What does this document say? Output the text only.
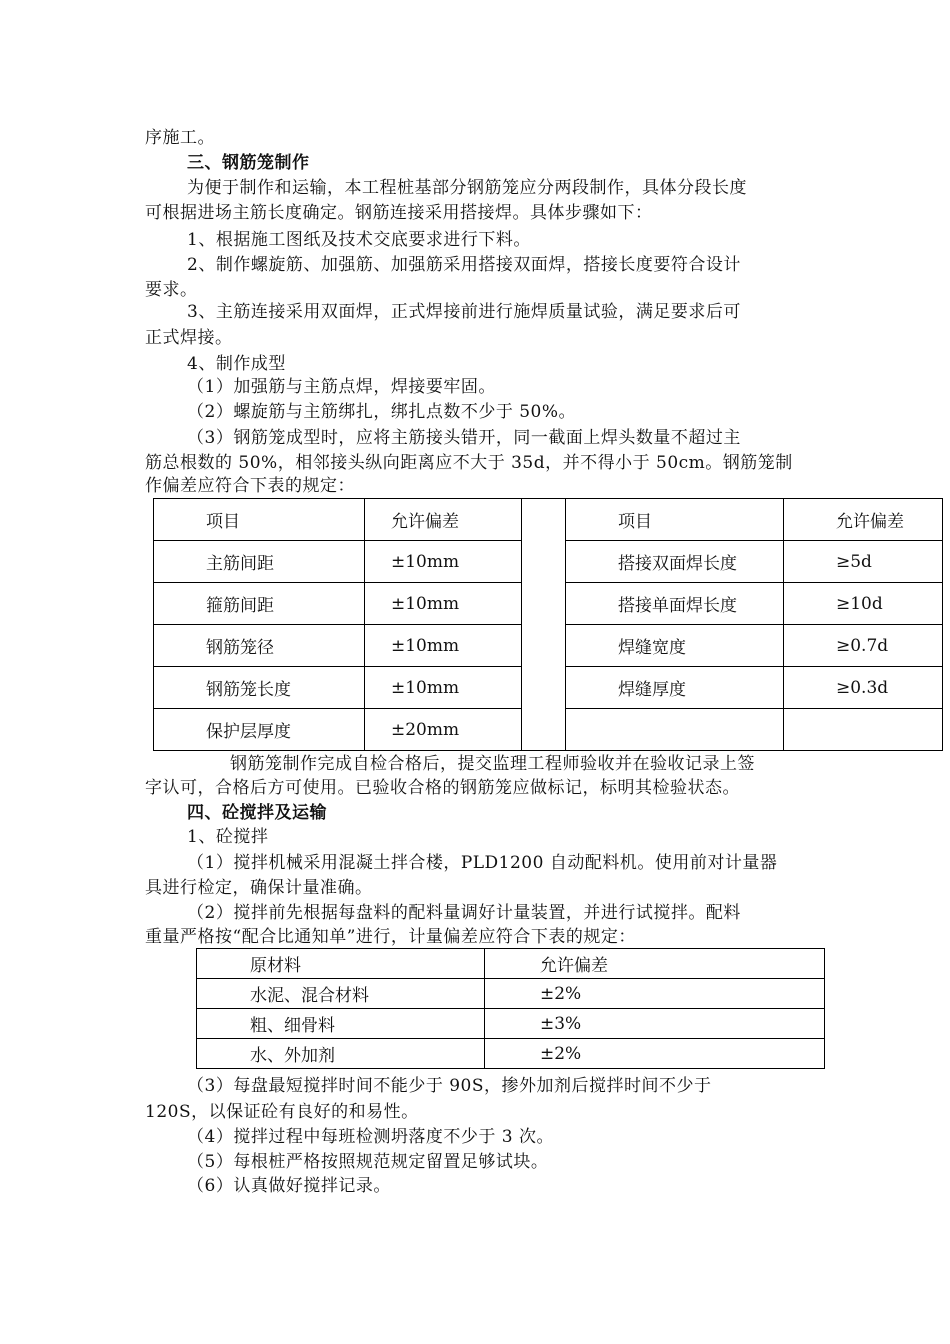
序施工。
三、钢筋笼制作
为便于制作和运输，本工程桩基部分钢筋笼应分两段制作，具体分段长度
可根据进场主筋长度确定。钢筋连接采用搭接焊。具体步骤如下：
1、根据施工图纸及技术交底要求进行下料。
2、制作螺旋筋、加强筋、加强筋采用搭接双面焊，搭接长度要符合设计
要求。
3、主筋连接采用双面焊，正式焊接前进行施焊质量试验，满足要求后可
正式焊接。
4、制作成型
（1）加强筋与主筋点焊，焊接要牢固。
（2）螺旋筋与主筋绑扎，绑扎点数不少于 50%。
（3）钢筋笼成型时，应将主筋接头错开，同一截面上焊头数量不超过主
筋总根数的 50%，相邻接头纵向距离应不大于 35d，并不得小于 50cm。钢筋笼制
作偏差应符合下表的规定：
项目	允许偏差		项目	允许偏差
主筋间距	±10mm		搭接双面焊长度	≥5d
箍筋间距	±10mm		搭接单面焊长度	≥10d
钢筋笼径	±10mm		焊缝宽度	≥0.7d
钢筋笼长度	±10mm		焊缝厚度	≥0.3d
保护层厚度	±20mm			
钢筋笼制作完成自检合格后，提交监理工程师验收并在验收记录上签
字认可，合格后方可使用。已验收合格的钢筋笼应做标记，标明其检验状态。
四、砼搅拌及运输
1、砼搅拌
（1）搅拌机械采用混凝土拌合楼，PLD1200 自动配料机。使用前对计量器
具进行检定，确保计量准确。
（2）搅拌前先根据每盘料的配料量调好计量装置，并进行试搅拌。配料
重量严格按“配合比通知单”进行，计量偏差应符合下表的规定：
原材料	允许偏差
水泥、混合材料	±2%
粗、细骨料	±3%
水、外加剂	±2%
（3）每盘最短搅拌时间不能少于 90S，掺外加剂后搅拌时间不少于
120S，以保证砼有良好的和易性。
（4）搅拌过程中每班检测坍落度不少于 3 次。
（5）每根桩严格按照规范规定留置足够试块。
（6）认真做好搅拌记录。
